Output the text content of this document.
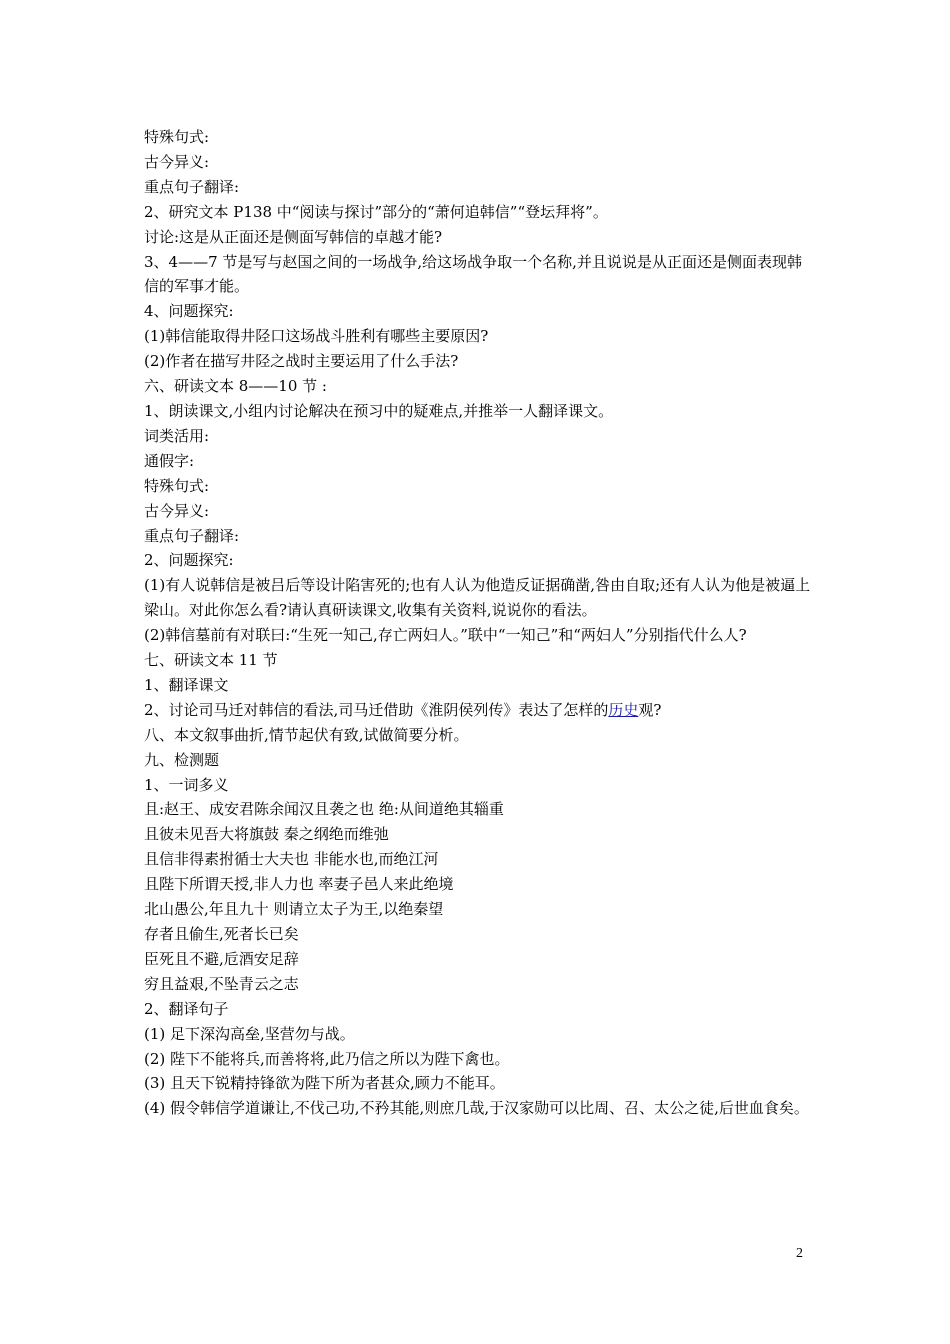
特殊句式:
古今异义:
重点句子翻译:
2、研究文本 P138 中“阅读与探讨”部分的“萧何追韩信”“登坛拜将”。
讨论:这是从正面还是侧面写韩信的卓越才能?
3、4——7 节是写与赵国之间的一场战争,给这场战争取一个名称,并且说说是从正面还是侧面表现韩信的军事才能。
4、问题探究:
(1)韩信能取得井陉口这场战斗胜利有哪些主要原因?
(2)作者在描写井陉之战时主要运用了什么手法?
六、研读文本 8——10 节 :
1、朗读课文,小组内讨论解决在预习中的疑难点,并推举一人翻译课文。
词类活用:
通假字:
特殊句式:
古今异义:
重点句子翻译:
2、问题探究:
(1)有人说韩信是被吕后等设计陷害死的;也有人认为他造反证据确凿,咎由自取;还有人认为他是被逼上梁山。对此你怎么看?请认真研读课文,收集有关资料,说说你的看法。
(2)韩信墓前有对联曰:“生死一知己,存亡两妇人。”联中“一知己”和“两妇人”分别指代什么人?
七、研读文本 11 节
1、翻译课文
2、讨论司马迁对韩信的看法,司马迁借助《淮阴侯列传》表达了怎样的历史观?
八、本文叙事曲折,情节起伏有致,试做简要分析。
九、检测题
1、一词多义
且:赵王、成安君陈余闻汉且袭之也 绝:从间道绝其辎重
且彼未见吾大将旗鼓 秦之纲绝而维弛
且信非得素拊循士大夫也 非能水也,而绝江河
且陛下所谓天授,非人力也 率妻子邑人来此绝境
北山愚公,年且九十 则请立太子为王,以绝秦望
存者且偷生,死者长已矣
臣死且不避,卮酒安足辞
穷且益艰,不坠青云之志
2、翻译句子
(1) 足下深沟高垒,坚营勿与战。
(2) 陛下不能将兵,而善将将,此乃信之所以为陛下禽也。
(3) 且天下锐精持锋欲为陛下所为者甚众,顾力不能耳。
(4) 假令韩信学道谦让,不伐己功,不矜其能,则庶几哉,于汉家勋可以比周、召、太公之徒,后世血食矣。
2
